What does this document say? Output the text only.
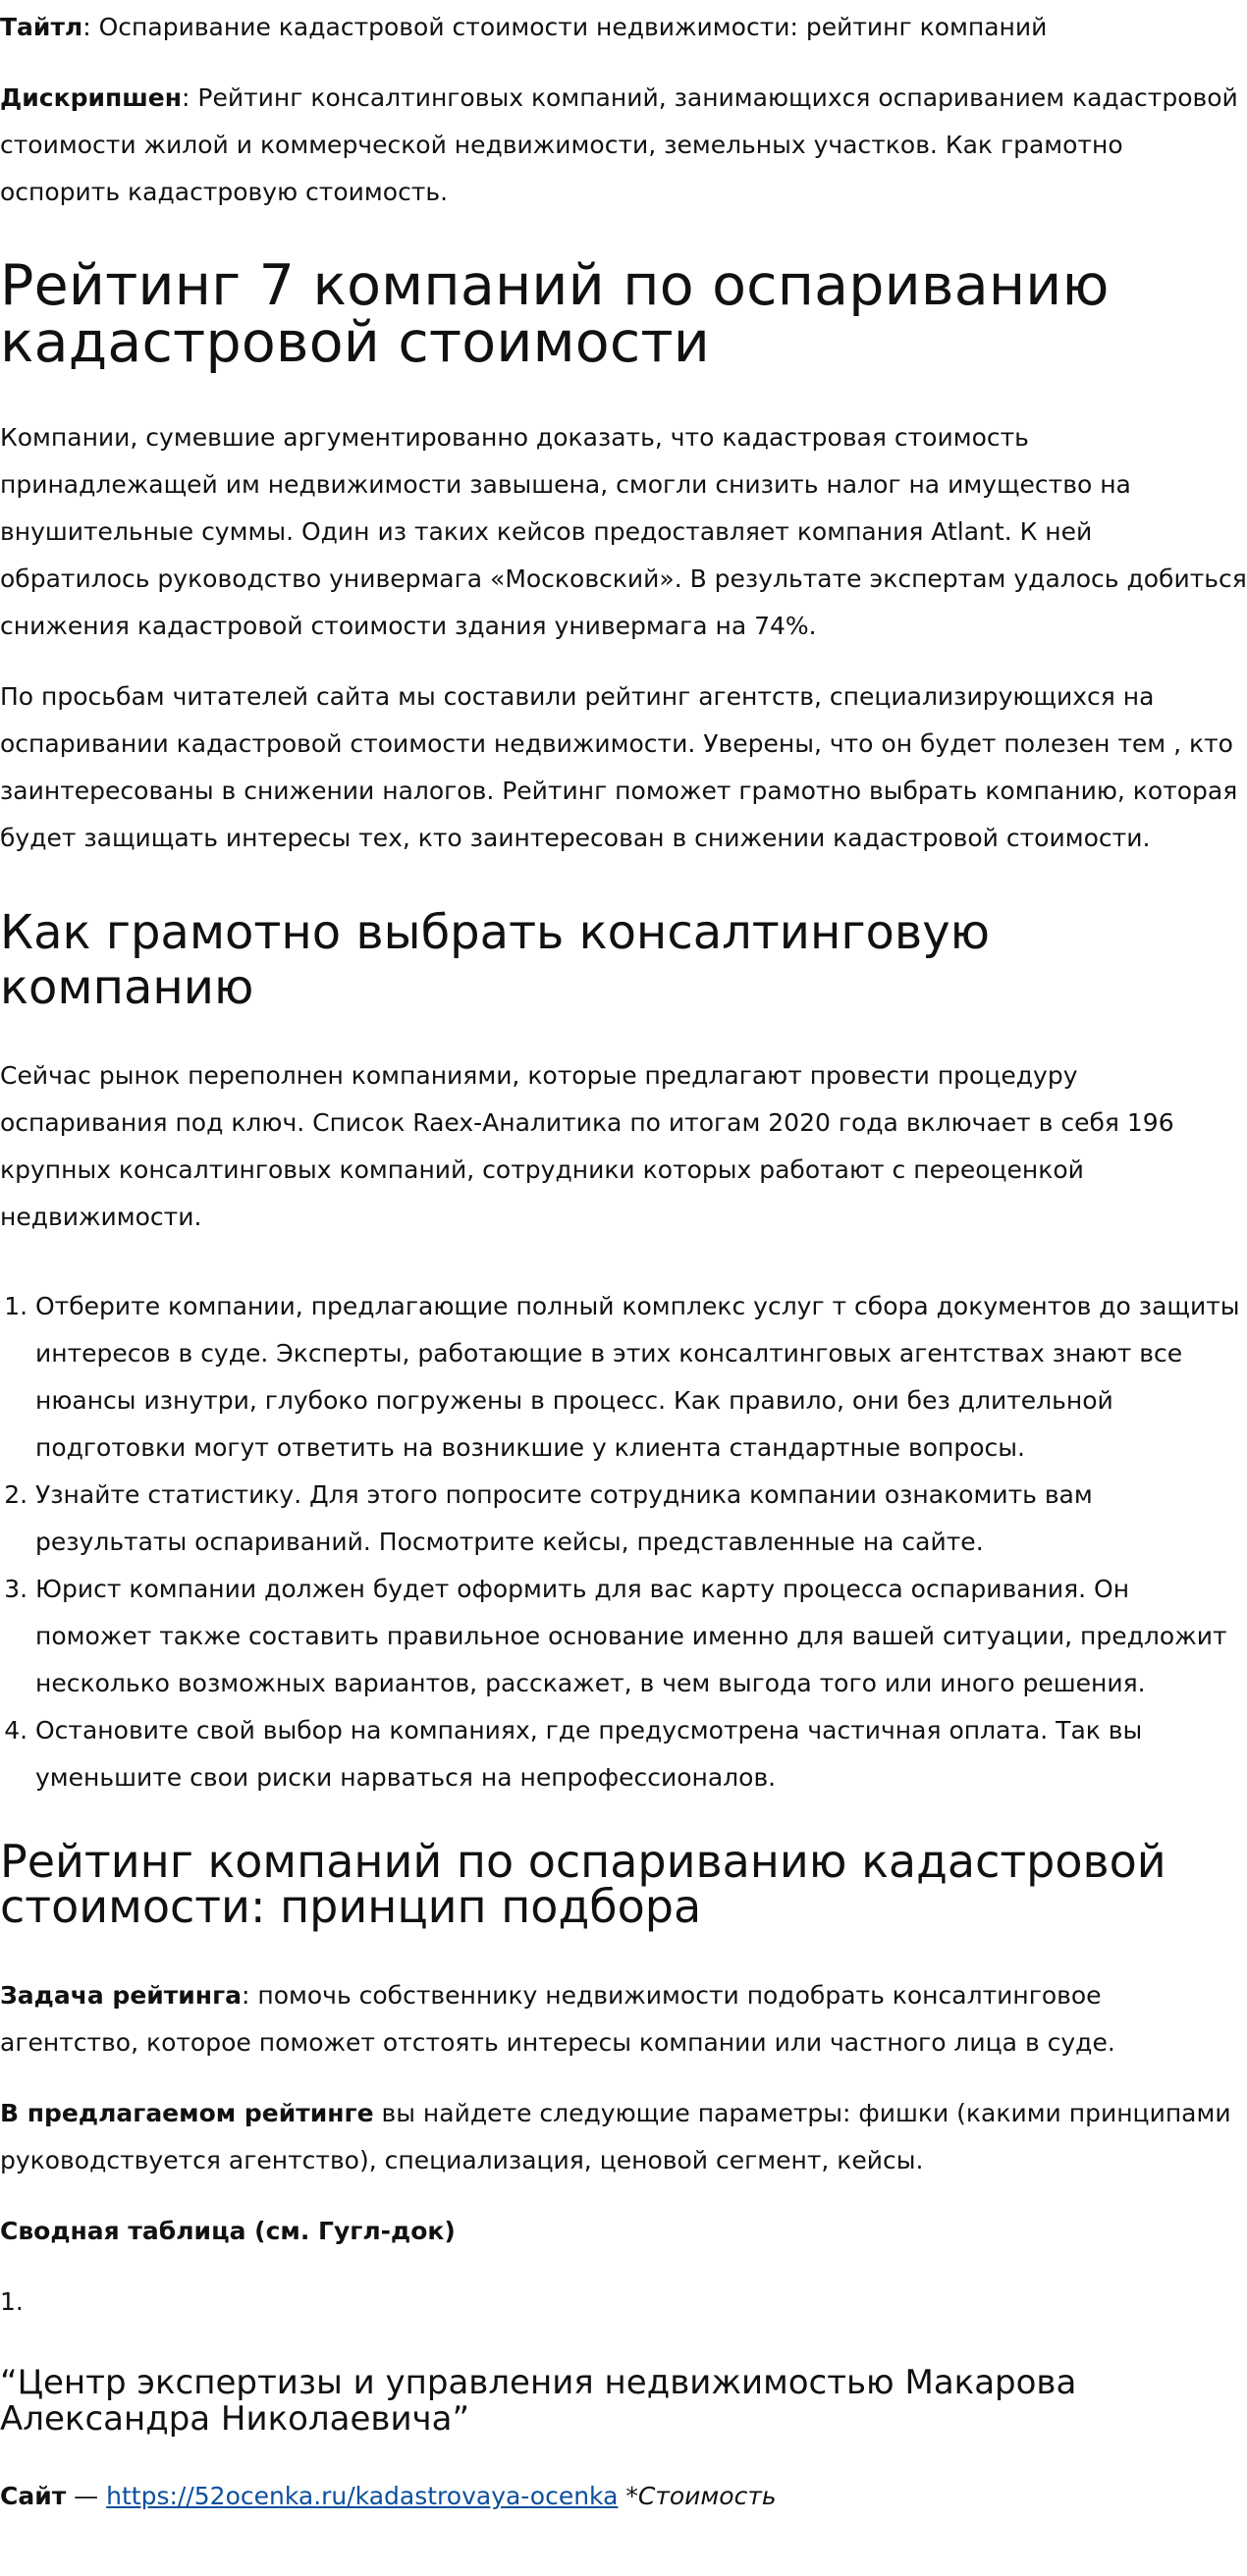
Тайтл: Оспаривание кадастровой стоимости недвижимости: рейтинг компаний

Дискрипшен: Рейтинг консалтинговых компаний, занимающихся оспариванием кадастровой стоимости жилой и коммерческой недвижимости, земельных участков. Как грамотно оспорить кадастровую стоимость.

Рейтинг 7 компаний по оспариванию кадастровой стоимости

Компании, сумевшие аргументированно доказать, что кадастровая стоимость принадлежащей им недвижимости завышена, смогли снизить налог на имущество на внушительные суммы. Один из таких кейсов предоставляет компания Atlant. К ней обратилось руководство универмага «Московский». В результате экспертам удалось добиться снижения кадастровой стоимости здания универмага на 74%.

По просьбам читателей сайта мы составили рейтинг агентств, специализирующихся на оспаривании кадастровой стоимости недвижимости. Уверены, что он будет полезен тем , кто заинтересованы в снижении налогов. Рейтинг поможет грамотно выбрать компанию, которая будет защищать интересы тех, кто заинтересован в снижении кадастровой стоимости.

Как грамотно выбрать консалтинговую компанию

Сейчас рынок переполнен компаниями, которые предлагают провести процедуру оспаривания под ключ. Список Raex-Аналитика по итогам 2020 года включает в себя 196 крупных консалтинговых компаний, сотрудники которых работают с переоценкой недвижимости.

1. Отберите компании, предлагающие полный комплекс услуг т сбора документов до защиты интересов в суде. Эксперты, работающие в этих консалтинговых агентствах знают все нюансы изнутри, глубоко погружены в процесс. Как правило, они без длительной подготовки могут ответить на возникшие у клиента стандартные вопросы.
2. Узнайте статистику. Для этого попросите сотрудника компании ознакомить вам результаты оспариваний. Посмотрите кейсы, представленные на сайте.
3. Юрист компании должен будет оформить для вас карту процесса оспаривания. Он поможет также составить правильное основание именно для вашей ситуации, предложит несколько возможных вариантов, расскажет, в чем выгода того или иного решения.
4. Остановите свой выбор на компаниях, где предусмотрена частичная оплата. Так вы уменьшите свои риски нарваться на непрофессионалов.
Рейтинг компаний по оспариванию кадастровой стоимости: принцип подбора

Задача рейтинга: помочь собственнику недвижимости подобрать консалтинговое агентство, которое поможет отстоять интересы компании или частного лица в суде.

В предлагаемом рейтинге вы найдете следующие параметры: фишки (какими принципами руководствуется агентство), специализация, ценовой сегмент, кейсы.

Сводная таблица (см. Гугл-док)

1.

“Центр экспертизы и управления недвижимостью Макарова Александра Николаевича”

Сайт — https://52ocenka.ru/kadastrovaya-ocenka *Стоимость
